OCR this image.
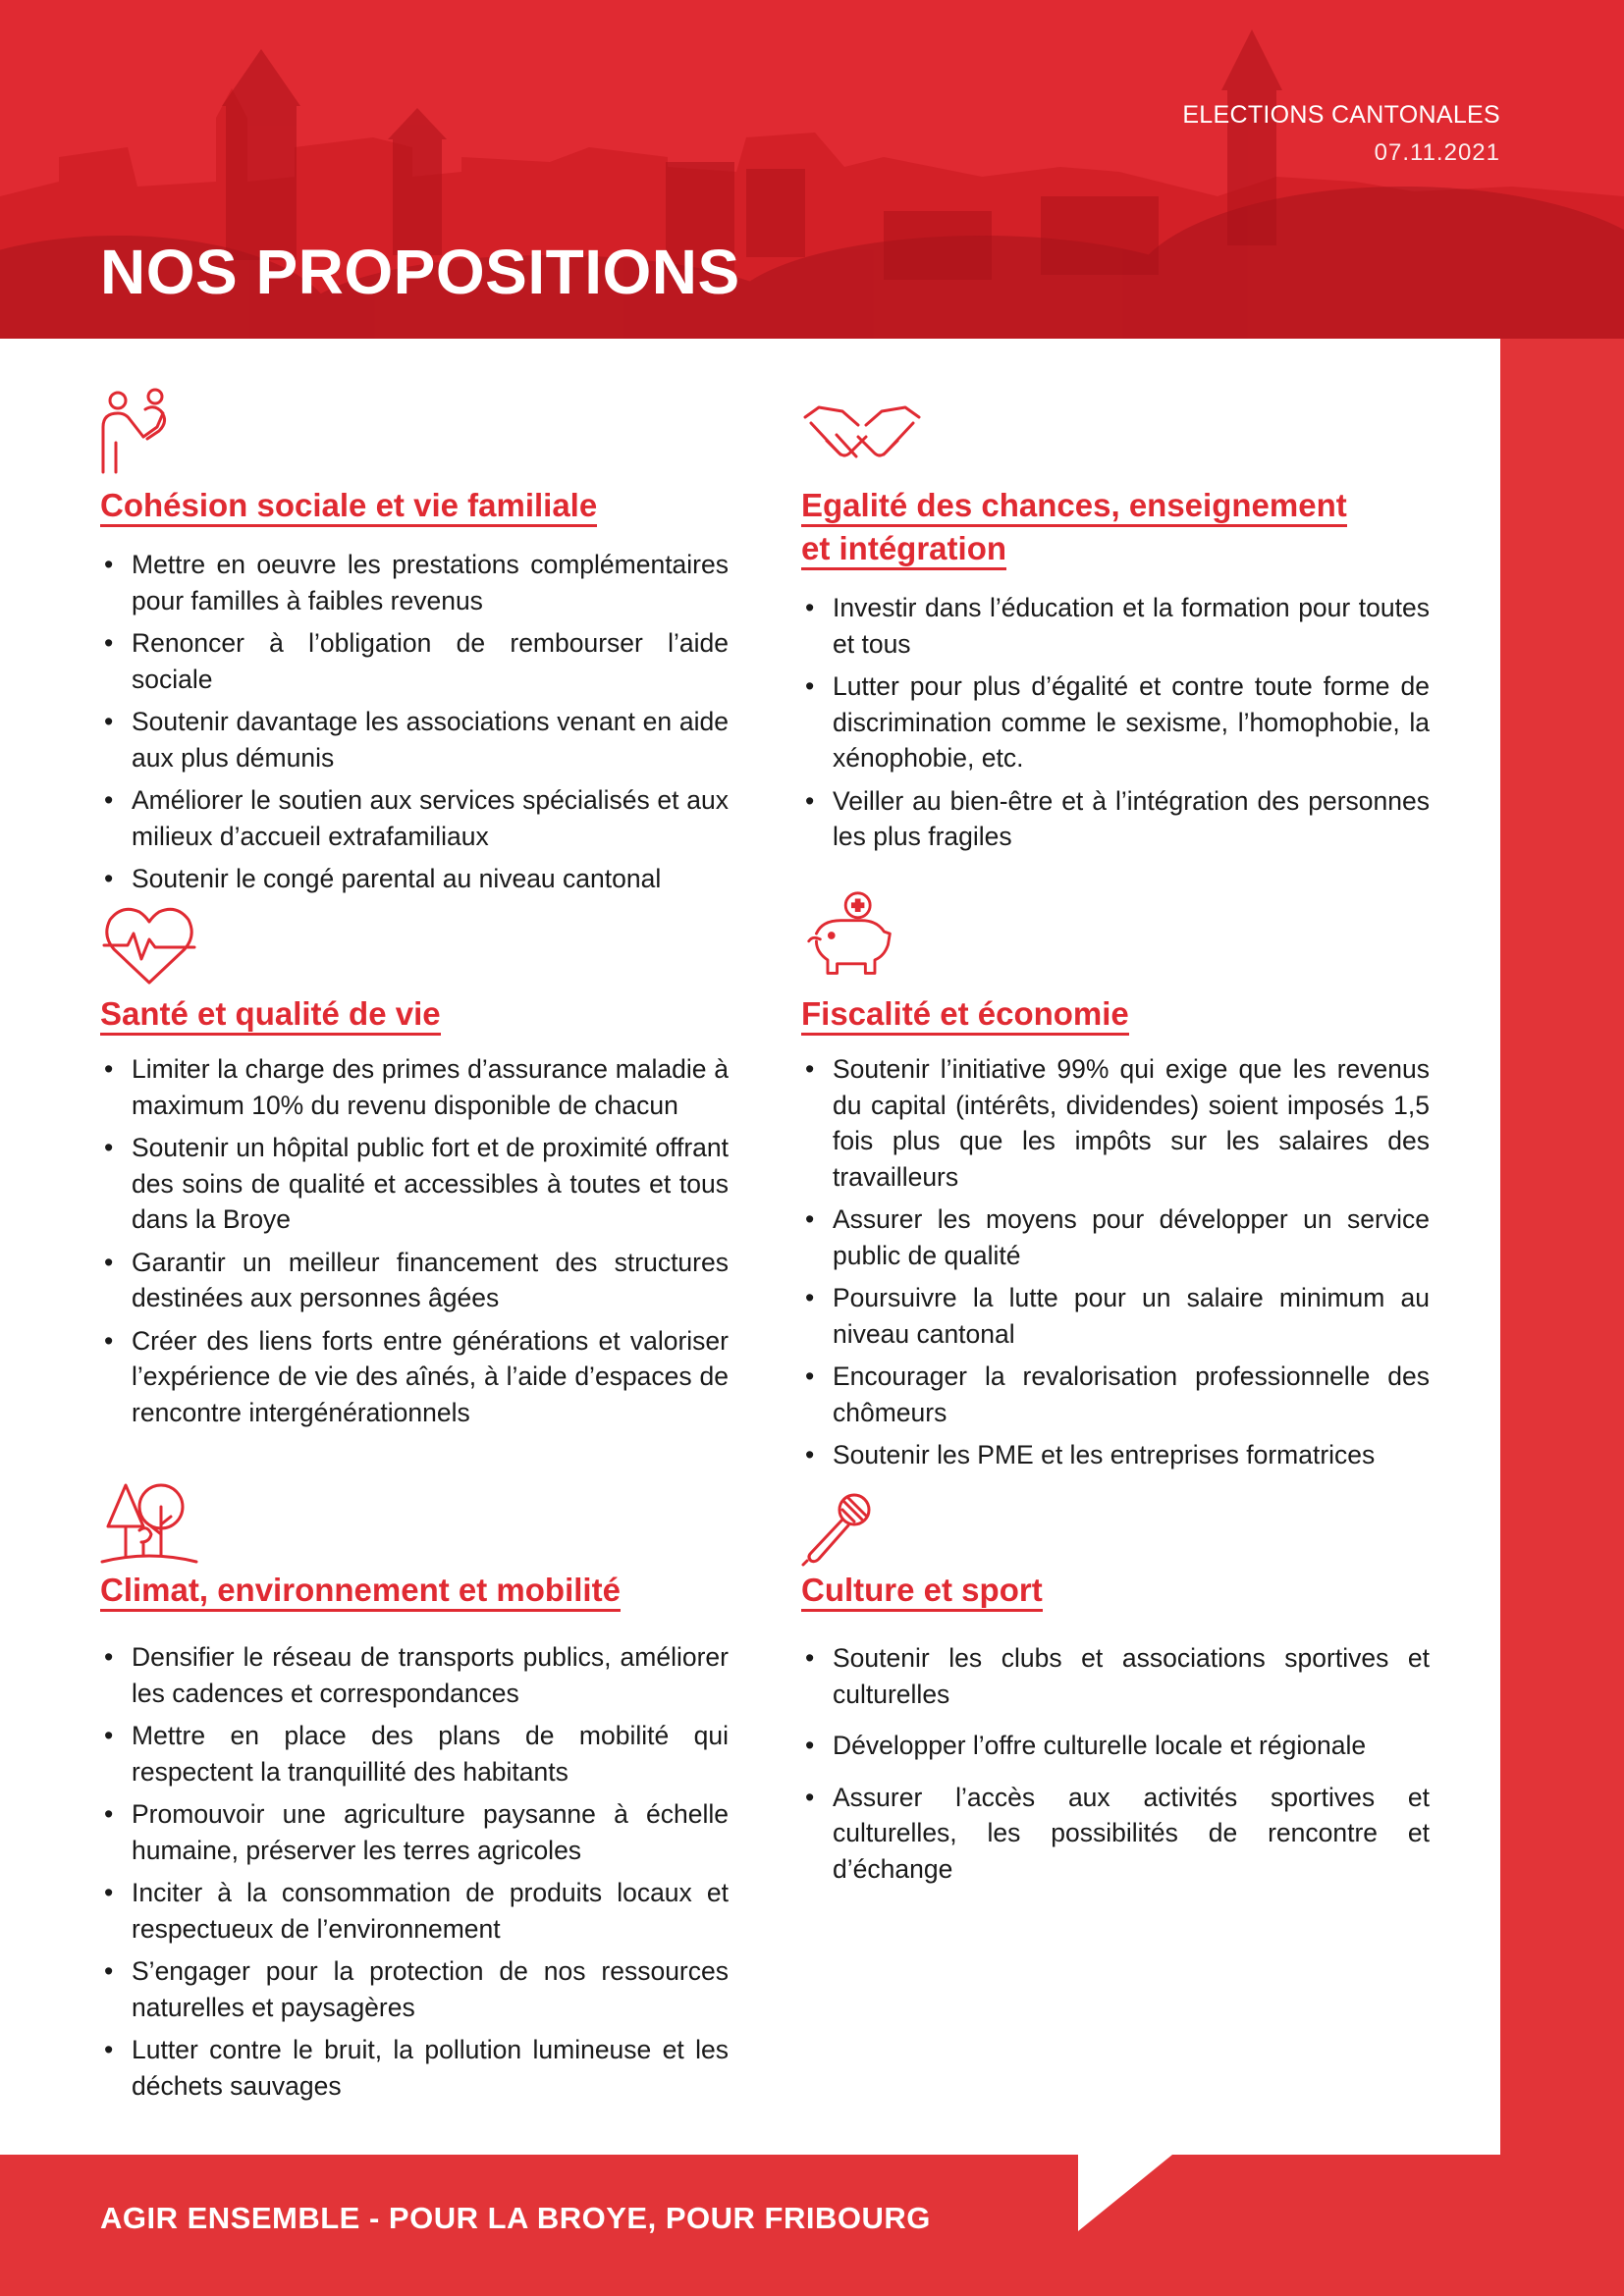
ELECTIONS CANTONALES
07.11.2021
NOS PROPOSITIONS
Cohésion sociale et vie familiale
• Mettre en oeuvre les prestations complémentaires pour familles à faibles revenus
• Renoncer à l’obligation de rembourser l’aide sociale
• Soutenir davantage les associations venant en aide aux plus démunis
• Améliorer le soutien aux services spécialisés et aux milieux d’accueil extrafamiliaux
• Soutenir le congé parental au niveau cantonal
Egalité des chances, enseignement
et intégration
• Investir dans l’éducation et la formation pour toutes et tous
• Lutter pour plus d’égalité et contre toute forme de discrimination comme le sexisme, l’homophobie, la xénophobie, etc.
• Veiller au bien-être et à l’intégration des personnes les plus fragiles
Santé et qualité de vie
• Limiter la charge des primes d’assurance maladie à maximum 10% du revenu disponible de chacun
• Soutenir un hôpital public fort et de proximité offrant des soins de qualité et accessibles à toutes et tous dans la Broye
• Garantir un meilleur financement des structures destinées aux personnes âgées
• Créer des liens forts entre générations et valoriser l’expérience de vie des aînés, à l’aide d’espaces de rencontre intergénérationnels
Fiscalité et économie
• Soutenir l’initiative 99% qui exige que les revenus du capital (intérêts, dividendes) soient imposés 1,5 fois plus que les impôts sur les salaires des travailleurs
• Assurer les moyens pour développer un service public de qualité
• Poursuivre la lutte pour un salaire minimum au niveau cantonal
• Encourager la revalorisation professionnelle des chômeurs
• Soutenir les PME et les entreprises formatrices
Climat, environnement et mobilité
• Densifier le réseau de transports publics, améliorer les cadences et correspondances
• Mettre en place des plans de mobilité qui respectent la tranquillité des habitants
• Promouvoir une agriculture paysanne à échelle humaine, préserver les terres agricoles
• Inciter à la consommation de produits locaux et respectueux de l’environnement
• S’engager pour la protection de nos ressources naturelles et paysagères
• Lutter contre le bruit, la pollution lumineuse et les déchets sauvages
Culture et sport
• Soutenir les clubs et associations sportives et culturelles
• Développer l’offre culturelle locale et régionale
• Assurer l’accès aux activités sportives et culturelles, les possibilités de rencontre et d’échange
AGIR ENSEMBLE - POUR LA BROYE, POUR FRIBOURG
